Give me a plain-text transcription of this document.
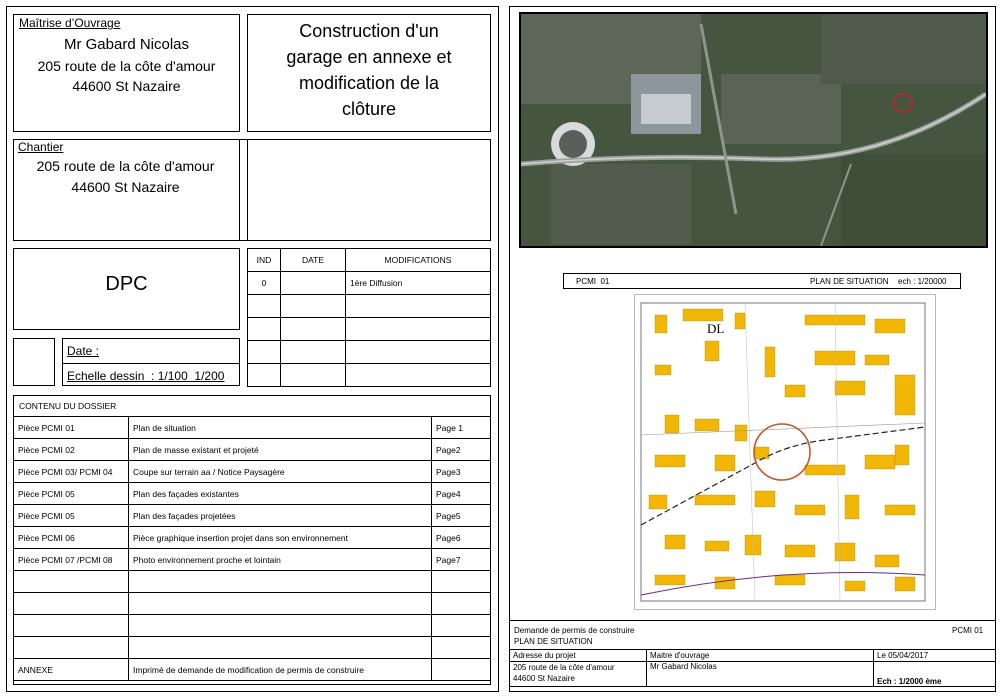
Maîtrise d’Ouvrage
Mr Gabard Nicolas
205 route de la côte d'amour
44600 St Nazaire
Construction d'un
garage en annexe et
modification de la
clôture
Chantier
205 route de la côte d'amour
44600 St Nazaire
DPC
Date :
Echelle dessin  : 1/100  1/200
IND	DATE	MODIFICATIONS
0		1ère Diffusion

CONTENU DU DOSSIER
Pièce PCMI 01	Plan de situation	Page 1
Pièce PCMI 02	Plan de masse existant et projeté	Page2
Pièce PCMI 03/ PCMI 04	Coupe sur terrain aa / Notice Paysagère	Page3
Pièce PCMI 05	Plan des façades existantes	Page4
Pièce PCMI 05	Plan des façades projetées	Page5
Pièce PCMI 06	Pièce graphique insertion projet dans son environnement	Page6
Pièce PCMI 07 /PCMI 08	Photo environnement proche et lointain	Page7

ANNEXE	Imprimé de demande de modification de permis de construire	
PCMI  01	PLAN DE SITUATION ech : 1/20000
DL
Demande de permis de construire	PCMI 01
PLAN DE SITUATION
Adresse du projet	Maitre d'ouvrage	Le 05/04/2017
205 route de la côte d'amour
44600 St Nazaire	Mr Gabard Nicolas	Ech : 1/2000 ème
